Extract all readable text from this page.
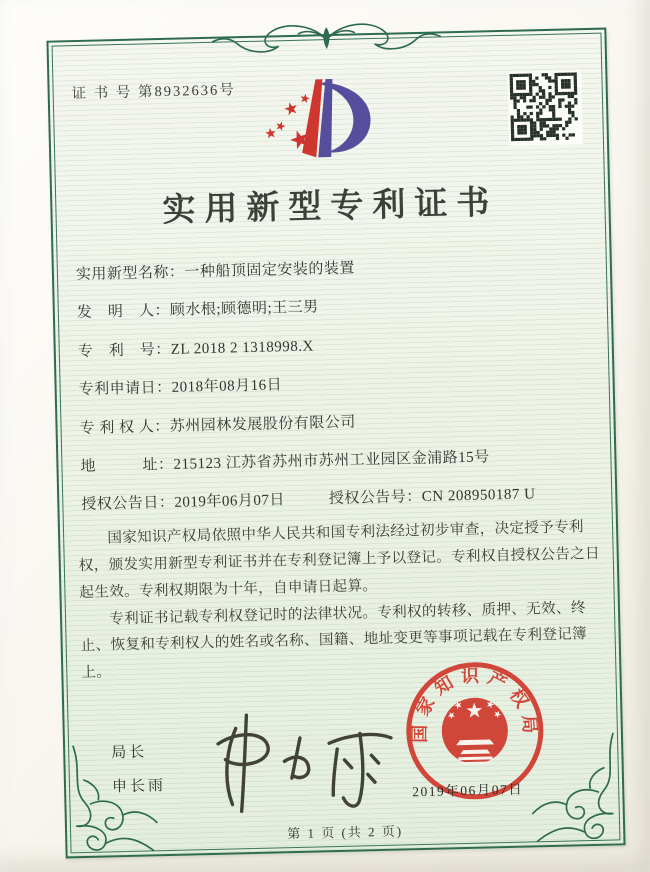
证 书 号 第8932636号
实用新型专利证书
实用新型名称：一种船顶固定安装的装置
发　明　人：顾水根;顾德明;王三男
专　利　号：ZL 2018 2 1318998.X
专利申请日：2018年08月16日
专 利 权 人：苏州园林发展股份有限公司
地　　　址：215123 江苏省苏州市苏州工业园区金浦路15号
授权公告日：2019年06月07日	授权公告号：CN 208950187 U

国家知识产权局依照中华人民共和国专利法经过初步审查，决定授予专利权，颁发实用新型专利证书并在专利登记簿上予以登记。专利权自授权公告之日起生效。专利权期限为十年，自申请日起算。

专利证书记载专利权登记时的法律状况。专利权的转移、质押、无效、终止、恢复和专利权人的姓名或名称、国籍、地址变更等事项记载在专利登记簿上。

局长
申长雨
国家知识产权局
2019年06月07日
第 1 页 (共 2 页)
